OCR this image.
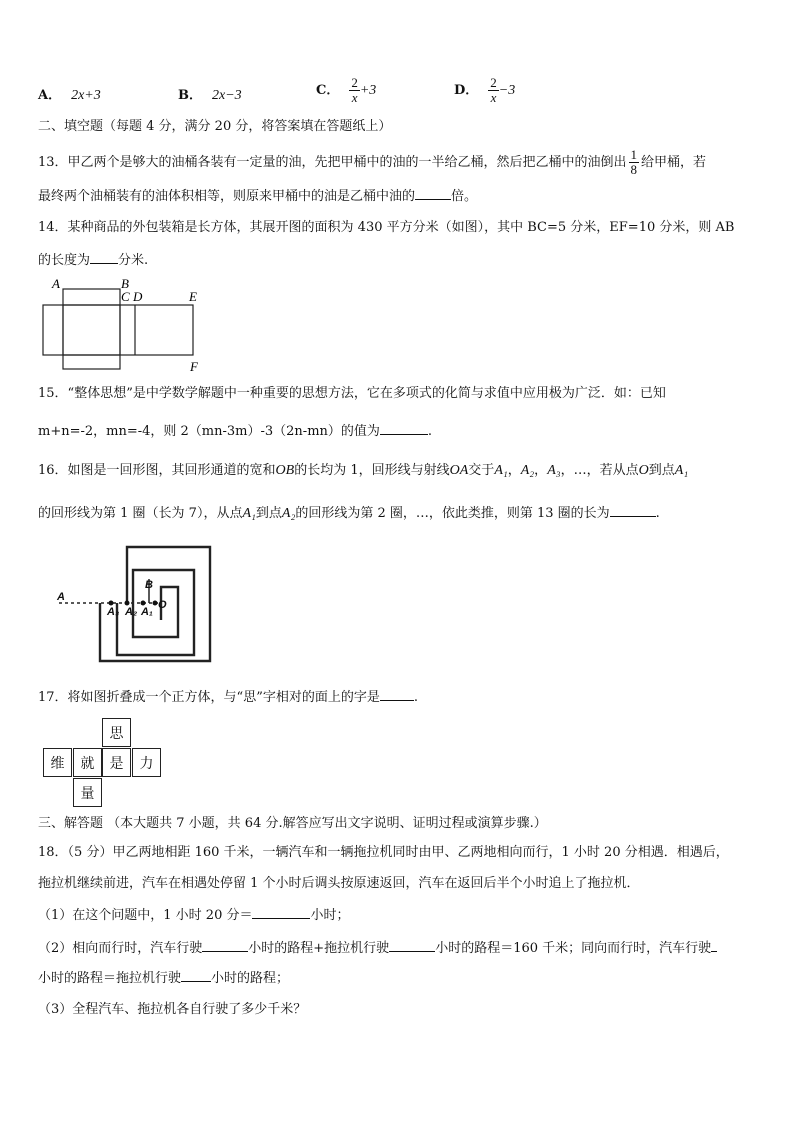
A． 2x+3	B． 2x−3	C． $\frac{2}{x} +3$	D． $\frac{2}{x} -3$
二、填空题（每题 4 分，满分 20 分，将答案填在答题纸上）
13．甲乙两个是够大的油桶各装有一定量的油，先把甲桶中的油的一半给乙桶，然后把乙桶中的油倒出 $\frac{1}{8}$ 给甲桶，若
最终两个油桶装有的油体积相等，则原来甲桶中的油是乙桶中油的	倍。
14．某种商品的外包装箱是长方体，其展开图的面积为 430 平方分米（如图），其中 BC=5 分米，EF=10 分米，则 AB
的长度为 分米.
A	B
C D	E
F
15．“整体思想”是中学数学解题中一种重要的思想方法，它在多项式的化简与求值中应用极为广泛．如：已知
m+n=-2，mn=-4，则 2（mn-3m）-3（2n-mn）的值为	.
16．如图是一回形图，其回形通道的宽和OB的长均为 1，回形线与射线OA交于A₁，A₂，A₃，…，若从点O到点A₁
的回形线为第 1 圈（长为 7），从点A₁到点A₂的回形线为第 2 圈，…，依此类推，则第 13 圈的长为	.
A
B
O
A₁
A₂
A₃
17．将如图折叠成一个正方体，与“思”字相对的面上的字是	.
思
维	就	是	力
量
三、解答题 （本大题共 7 小题，共 64 分.解答应写出文字说明、证明过程或演算步骤.）
18．（5 分）甲乙两地相距 160 千米，一辆汽车和一辆拖拉机同时由甲、乙两地相向而行，1 小时 20 分相遇．相遇后，
拖拉机继续前进，汽车在相遇处停留 1 个小时后调头按原速返回，汽车在返回后半个小时追上了拖拉机．
（1）在这个问题中，1 小时 20 分＝	小时；
（2）相向而行时，汽车行驶	小时的路程+拖拉机行驶	小时的路程＝160 千米；同向而行时，汽车行驶
小时的路程＝拖拉机行驶 小时的路程；
（3）全程汽车、拖拉机各自行驶了多少千米？
